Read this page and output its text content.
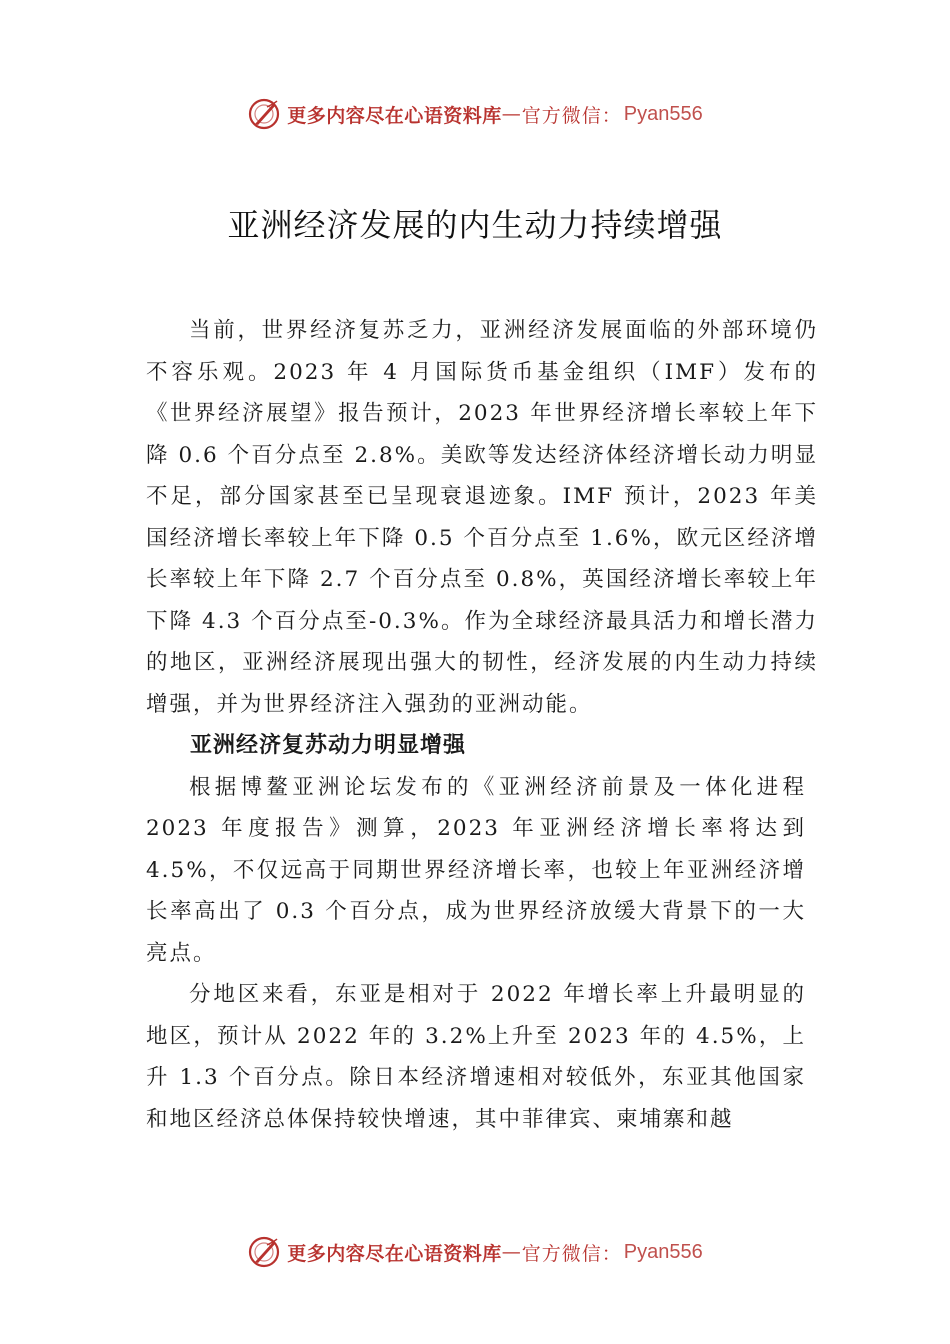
更多内容尽在心语资料库 — 官方微信： Pyan556
亚洲经济发展的内生动力持续增强

当前，世界经济复苏乏力，亚洲经济发展面临的外部环境仍不容乐观。2023 年 4 月国际货币基金组织（IMF）发布的《世界经济展望》报告预计，2023 年世界经济增长率较上年下降 0.6 个百分点至 2.8%。美欧等发达经济体经济增长动力明显不足，部分国家甚至已呈现衰退迹象。IMF 预计，2023 年美国经济增长率较上年下降 0.5 个百分点至 1.6%，欧元区经济增长率较上年下降 2.7 个百分点至 0.8%，英国经济增长率较上年下降 4.3 个百分点至-0.3%。作为全球经济最具活力和增长潜力的地区，亚洲经济展现出强大的韧性，经济发展的内生动力持续增强，并为世界经济注入强劲的亚洲动能。

亚洲经济复苏动力明显增强

根据博鳌亚洲论坛发布的《亚洲经济前景及一体化进程 2023 年度报告》测算，2023 年亚洲经济增长率将达到 4.5%，不仅远高于同期世界经济增长率，也较上年亚洲经济增长率高出了 0.3 个百分点，成为世界经济放缓大背景下的一大亮点。

分地区来看，东亚是相对于 2022 年增长率上升最明显的地区，预计从 2022 年的 3.2%上升至 2023 年的 4.5%，上升 1.3 个百分点。除日本经济增速相对较低外，东亚其他国家和地区经济总体保持较快增速，其中菲律宾、柬埔寨和越

更多内容尽在心语资料库 — 官方微信： Pyan556
